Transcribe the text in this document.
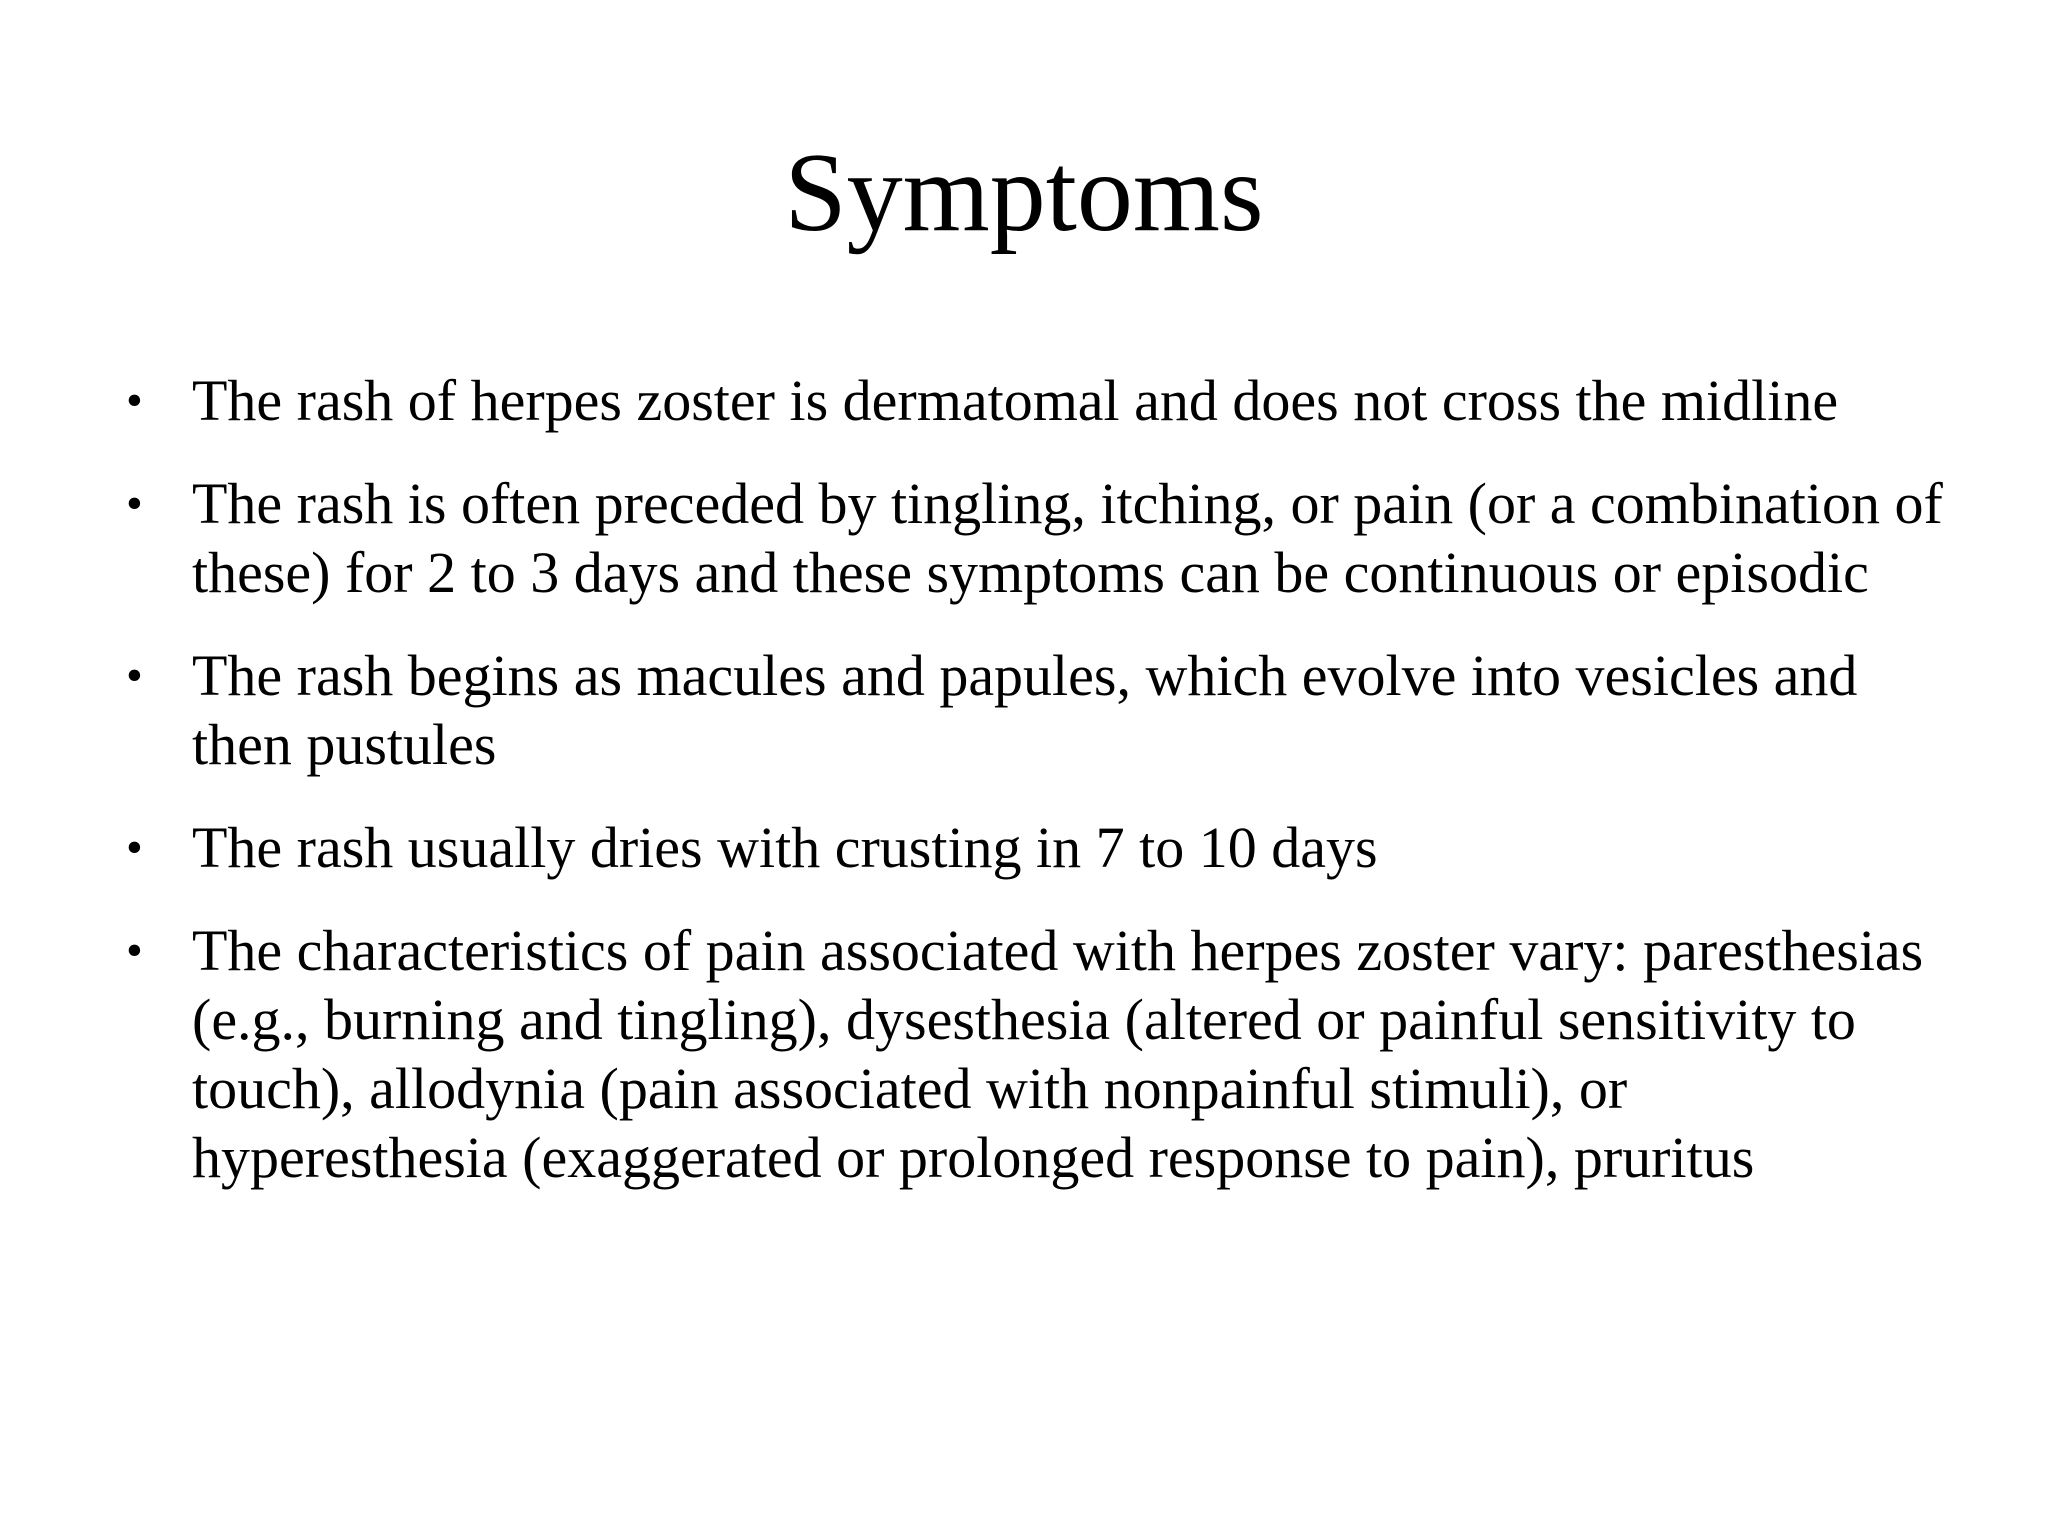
Symptoms
• The rash of herpes zoster is dermatomal and does not cross the midline
• The rash is often preceded by tingling, itching, or pain (or a combination of these) for 2 to 3 days and these symptoms can be continuous or episodic
• The rash begins as macules and papules, which evolve into vesicles and then pustules
• The rash usually dries with crusting in 7 to 10 days
• The characteristics of pain associated with herpes zoster vary: paresthesias (e.g., burning and tingling), dysesthesia (altered or painful sensitivity to touch), allodynia (pain associated with nonpainful stimuli), or hyperesthesia (exaggerated or prolonged response to pain), pruritus
